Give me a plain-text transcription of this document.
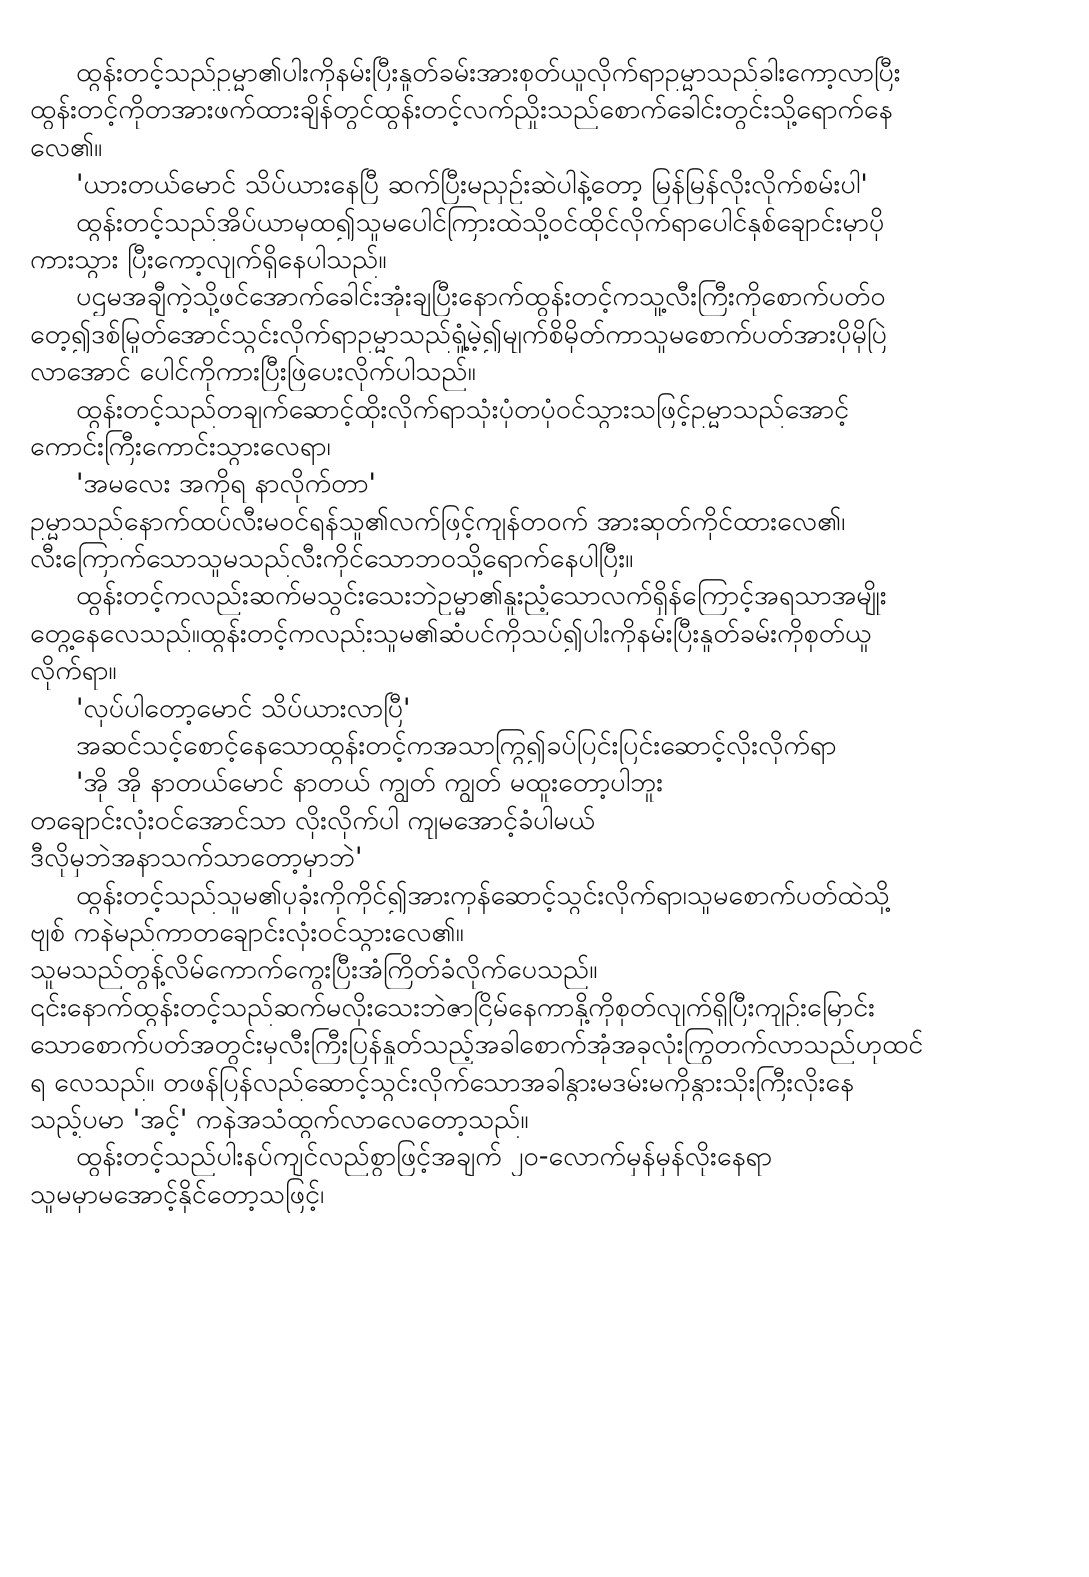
ထွန်းတင့်သည်ဥမ္မာ၏ပါးကိုနမ်းပြီးနှုတ်ခမ်းအားစုတ်ယူလိုက်ရာဥမ္မာသည်ခါးကော့လာပြီး
ထွန်းတင့်ကိုတအားဖက်ထားချိန်တွင်ထွန်းတင့်လက်ညှိုးသည်စောက်ခေါင်းတွင်းသို့ရောက်နေ
လေ၏။
'ယားတယ်မောင် သိပ်ယားနေပြီ ဆက်ပြီးမညှဉ်းဆဲပါနဲ့တော့ မြန်မြန်လိုးလိုက်စမ်းပါ'
ထွန်းတင့်သည်အိပ်ယာမှထ၍သူမပေါင်ကြားထဲသို့ဝင်ထိုင်လိုက်ရာပေါင်နှစ်ချောင်းမှာပို
ကားသွား ပြီးကော့လျက်ရှိနေပါသည်။
ပဌမအချီကဲ့သို့ဖင်အောက်ခေါင်းအုံးချပြီးနောက်ထွန်းတင့်ကသူ့လီးကြီးကိုစောက်ပတ်ဝ
တေ့၍ဒစ်မြုတ်အောင်သွင်းလိုက်ရာဥမ္မာသည်ရှုံ့မဲ့၍မျက်စိမှိတ်ကာသူမစောက်ပတ်အားပိုမိုပြဲ
လာအောင် ပေါင်ကိုကားပြီးဖြဲပေးလိုက်ပါသည်။
ထွန်းတင့်သည်တချက်ဆောင့်ထိုးလိုက်ရာသုံးပုံတပုံဝင်သွားသဖြင့်ဥမ္မာသည်အောင့်
ကောင်းကြီးကောင်းသွားလေရာ၊
'အမလေး အကိုရ နာလိုက်တာ'
ဥမ္မာသည်နောက်ထပ်လီးမဝင်ရန်သူ၏လက်ဖြင့်ကျန်တဝက် အားဆုတ်ကိုင်ထားလေ၏၊
လီးကြောက်သောသူမသည်လီးကိုင်သောဘဝသို့ရောက်နေပါပြီး။
ထွန်းတင့်ကလည်းဆက်မသွင်းသေးဘဲဥမ္မာ၏နူးညံ့သောလက်ရှိန်ကြောင့်အရသာအမျိုး
တွေ့နေလေသည်။ထွန်းတင့်ကလည်းသူမ၏ဆံပင်ကိုသပ်၍ပါးကိုနမ်းပြီးနှုတ်ခမ်းကိုစုတ်ယူ
လိုက်ရာ။
'လုပ်ပါတော့မောင် သိပ်ယားလာပြီ'
အဆင်သင့်စောင့်နေသောထွန်းတင့်ကအသာကြွ၍ခပ်ပြင်းပြင်းဆောင့်လိုးလိုက်ရာ
'အို အို နာတယ်မောင် နာတယ် ကျွတ် ကျွတ် မထူးတော့ပါဘူး
တချောင်းလုံးဝင်အောင်သာ လိုးလိုက်ပါ ကျမအောင့်ခံပါမယ်
ဒီလိုမှဘဲအနာသက်သာတော့မှာဘဲ'
ထွန်းတင့်သည်သူမ၏ပုခုံးကိုကိုင်၍အားကုန်ဆောင့်သွင်းလိုက်ရာ၊သူမစောက်ပတ်ထဲသို့
ဗျစ် ကနဲမည်ကာတချောင်းလုံးဝင်သွားလေ၏။
သူမသည်တွန့်လိမ်ကောက်ကွေးပြီးအံကြိတ်ခံလိုက်ပေသည်။
၎င်းနောက်ထွန်းတင့်သည်ဆက်မလိုးသေးဘဲဇာငြိမ်နေကာနို့ကိုစုတ်လျက်ရှိပြီးကျဉ်းမြောင်း
သောစောက်ပတ်အတွင်းမှလီးကြီးပြန်နှုတ်သည့်အခါစောက်အုံအခုလုံးကြွတက်လာသည်ဟုထင်
ရ လေသည်။ တဖန်ပြန်လည်ဆောင့်သွင်းလိုက်သောအခါနွားမဒမ်းမကိုနွားသိုးကြီးလိုးနေ
သည့်ပမာ 'အင့်' ကနဲအသံထွက်လာလေတော့သည်။
ထွန်းတင့်သည်ပါးနပ်ကျင်လည်စွာဖြင့်အချက် ၂၀-လောက်မှန်မှန်လိုးနေရာ
သူမမှာမအောင့်နိုင်တော့သဖြင့်၊
